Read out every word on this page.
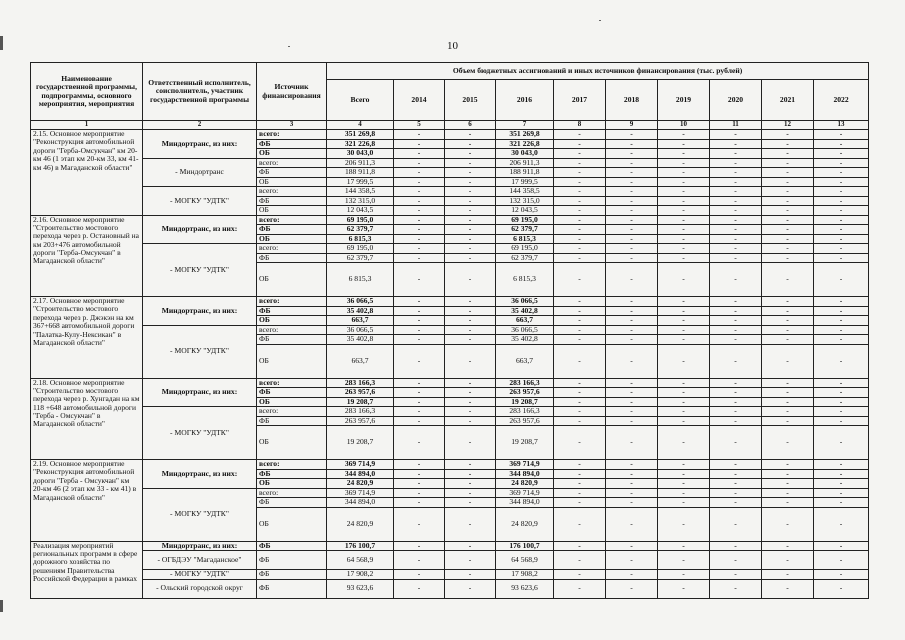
10
Наименование государственной программы, подпрограммы, основного мероприятия, мероприятия	Ответственный исполнитель, соисполнитель, участник государственной программы	Источник финансирования	Объем бюджетных ассигнований и иных источников финансирования (тыс. рублей)									
			Всего	2014	2015	2016	2017	2018	2019	2020	2021	2022
1	2	3	4	5	6	7	8	9	10	11	12	13
2.15. Основное мероприятие "Реконструкция автомобильной дороги "Герба-Омсукчан" км 20-км 46 (1 этап км 20-км 33, км 41-км 46) в Магаданской области"	Миндортранс, из них:	всего:	351 269,8	-	-	351 269,8	-	-	-	-	-	-
		ФБ	321 226,8	-	-	321 226,8	-	-	-	-	-	-
		ОБ	30 043,0	-	-	30 043,0	-	-	-	-	-	-
	- Миндортранс	всего:	206 911,3	-	-	206 911,3	-	-	-	-	-	-
		ФБ	188 911,8	-	-	188 911,8	-	-	-	-	-	-
		ОБ	17 999,5	-	-	17 999,5	-	-	-	-	-	-
	- МОГКУ "УДТК"	всего:	144 358,5	-	-	144 358,5	-	-	-	-	-	-
		ФБ	132 315,0	-	-	132 315,0	-	-	-	-	-	-
		ОБ	12 043,5	-	-	12 043,5	-	-	-	-	-	-
2.16. Основное мероприятие "Строительство мостового перехода через р. Остановный на км 203+476 автомобильной дороги "Герба-Омсукчан" в Магаданской области"	Миндортранс, из них:	всего:	69 195,0	-	-	69 195,0	-	-	-	-	-	-
		ФБ	62 379,7	-	-	62 379,7	-	-	-	-	-	-
		ОБ	6 815,3	-	-	6 815,3	-	-	-	-	-	-
	- МОГКУ "УДТК"	всего:	69 195,0	-	-	69 195,0	-	-	-	-	-	-
		ФБ	62 379,7	-	-	62 379,7	-	-	-	-	-	-
		ОБ	6 815,3	-	-	6 815,3	-	-	-	-	-	-
2.17. Основное мероприятие "Строительство мостового перехода через р. Джэкэн на км 367+668 автомобильной дороги "Палатка-Кулу-Нексикан" в Магаданской области"	Миндортранс, из них:	всего:	36 066,5	-	-	36 066,5	-	-	-	-	-	-
		ФБ	35 402,8	-	-	35 402,8	-	-	-	-	-	-
		ОБ	663,7	-	-	663,7	-	-	-	-	-	-
	- МОГКУ "УДТК"	всего:	36 066,5	-	-	36 066,5	-	-	-	-	-	-
		ФБ	35 402,8	-	-	35 402,8	-	-	-	-	-	-
		ОБ	663,7	-	-	663,7	-	-	-	-	-	-
2.18. Основное мероприятие "Строительство мостового перехода через р. Хунгадан на км 118 +648 автомобильной дороги "Герба - Омсукчан" в Магаданской области"	Миндортранс, из них:	всего:	283 166,3	-	-	283 166,3	-	-	-	-	-	-
		ФБ	263 957,6	-	-	263 957,6	-	-	-	-	-	-
		ОБ	19 208,7	-	-	19 208,7	-	-	-	-	-	-
	- МОГКУ "УДТК"	всего:	283 166,3	-	-	283 166,3	-	-	-	-	-	-
		ФБ	263 957,6	-	-	263 957,6	-	-	-	-	-	-
		ОБ	19 208,7	-	-	19 208,7	-	-	-	-	-	-
2.19. Основное мероприятие "Реконструкция автомобильной дороги "Герба - Омсукчан" км 20-км 46 (2 этап км 33 - км 41) в Магаданской области"	Миндортранс, из них:	всего:	369 714,9	-	-	369 714,9	-	-	-	-	-	-
		ФБ	344 894,0	-	-	344 894,0	-	-	-	-	-	-
		ОБ	24 820,9	-	-	24 820,9	-	-	-	-	-	-
	- МОГКУ "УДТК"	всего:	369 714,9	-	-	369 714,9	-	-	-	-	-	-
		ФБ	344 894,0	-	-	344 894,0	-	-	-	-	-	-
		ОБ	24 820,9	-	-	24 820,9	-	-	-	-	-	-
Реализация мероприятий региональных программ в сфере дорожного хозяйства по решениям Правительства Российской Федерации в рамках	Миндортранс, из них:	ФБ	176 100,7	-	-	176 100,7	-	-	-	-	-	-
	- ОГБДЭУ "Магаданское"	ФБ	64 568,9	-	-	64 568,9	-	-	-	-	-	-
	- МОГКУ "УДТК"	ФБ	17 908,2	-	-	17 908,2	-	-	-	-	-	-
	- Ольский городской округ	ФБ	93 623,6	-	-	93 623,6	-	-	-	-	-	-
